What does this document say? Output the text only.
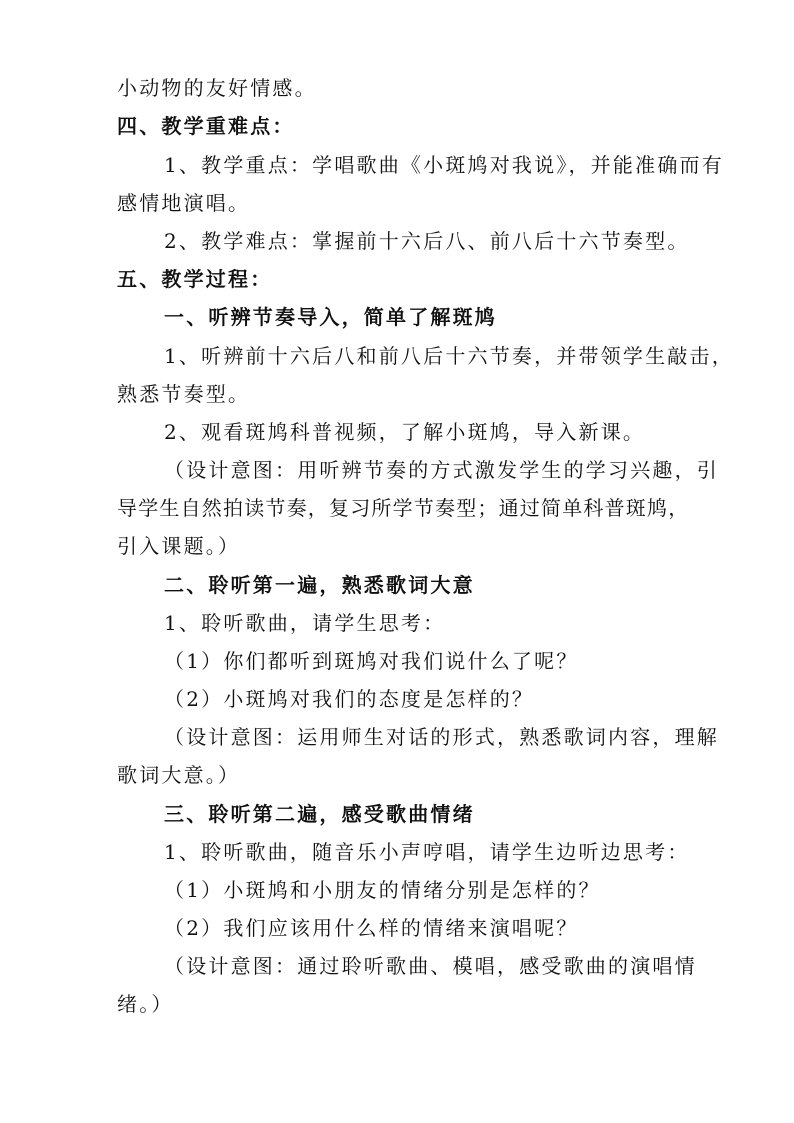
小动物的友好情感。
四、教学重难点：
1、教学重点：学唱歌曲《小斑鸠对我说》，并能准确而有
感情地演唱。
2、教学难点：掌握前十六后八、前八后十六节奏型。
五、教学过程：
一、听辨节奏导入，简单了解斑鸠
1、听辨前十六后八和前八后十六节奏，并带领学生敲击，
熟悉节奏型。
2、观看斑鸠科普视频，了解小斑鸠，导入新课。
（设计意图：用听辨节奏的方式激发学生的学习兴趣，引
导学生自然拍读节奏，复习所学节奏型；通过简单科普斑鸠，
引入课题。）
二、聆听第一遍，熟悉歌词大意
1、聆听歌曲，请学生思考：
（1）你们都听到斑鸠对我们说什么了呢？
（2）小斑鸠对我们的态度是怎样的？
（设计意图：运用师生对话的形式，熟悉歌词内容，理解
歌词大意。）
三、聆听第二遍，感受歌曲情绪
1、聆听歌曲，随音乐小声哼唱，请学生边听边思考：
（1）小斑鸠和小朋友的情绪分别是怎样的？
（2）我们应该用什么样的情绪来演唱呢？
（设计意图：通过聆听歌曲、模唱，感受歌曲的演唱情
绪。）
